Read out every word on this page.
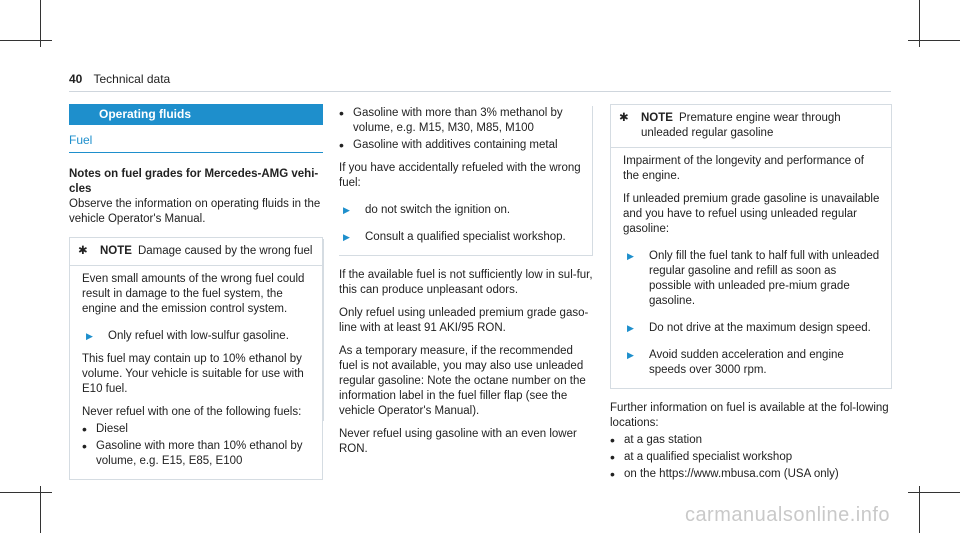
40 Technical data
Operating fluids
Fuel
Notes on fuel grades for Mercedes-AMG vehi-cles

Observe the information on operating fluids in the vehicle Operator's Manual.

✱	NOTE Damage caused by the wrong fuel

Even small amounts of the wrong fuel could result in damage to the fuel system, the engine and the emission control system.

▶ Only refuel with low-sulfur gasoline.

This fuel may contain up to 10% ethanol by volume. Your vehicle is suitable for use with E10 fuel.

Never refuel with one of the following fuels:

• Diesel
• Gasoline with more than 10% ethanol by volume, e.g. E15, E85, E100
• Gasoline with more than 3% methanol by volume, e.g. M15, M30, M85, M100
• Gasoline with additives containing metal

If you have accidentally refueled with the wrong fuel:

▶ do not switch the ignition on.
▶ Consult a qualified specialist workshop.

If the available fuel is not sufficiently low in sul-fur, this can produce unpleasant odors.

Only refuel using unleaded premium grade gaso-line with at least 91 AKI/95 RON.

As a temporary measure, if the recommended fuel is not available, you may also use unleaded regular gasoline: Note the octane number on the information label in the fuel filler flap (see the vehicle Operator's Manual).

Never refuel using gasoline with an even lower RON.

✱	NOTE Premature engine wear through unleaded regular gasoline

Impairment of the longevity and performance of the engine.

If unleaded premium grade gasoline is unavailable and you have to refuel using unleaded regular gasoline:

▶ Only fill the fuel tank to half full with unleaded regular gasoline and refill as soon as possible with unleaded pre-mium grade gasoline.
▶ Do not drive at the maximum design speed.
▶ Avoid sudden acceleration and engine speeds over 3000 rpm.

Further information on fuel is available at the fol-lowing locations:

• at a gas station
• at a qualified specialist workshop
• on the https://www.mbusa.com (USA only)
carmanualsonline.info
